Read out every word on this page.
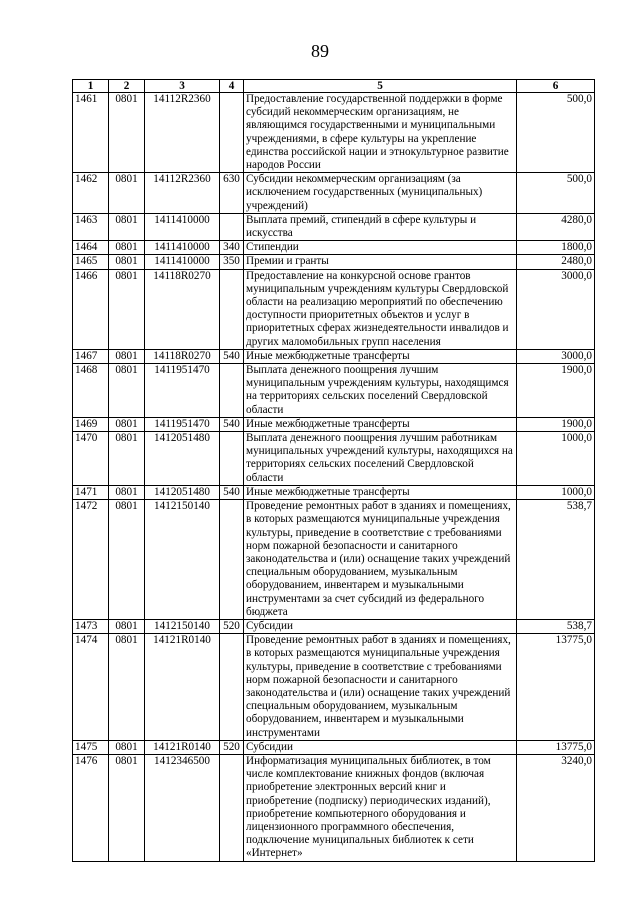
89
1	2	3	4	5	6
1461	0801	14112R2360		Предоставление государственной поддержки в форме субсидий некоммерческим организациям, не являющимся государственными и муниципальными учреждениями, в сфере культуры на укрепление единства российской нации и этнокультурное развитие народов России	500,0
1462	0801	14112R2360	630	Субсидии некоммерческим организациям (за исключением государственных (муниципальных) учреждений)	500,0
1463	0801	1411410000		Выплата премий, стипендий в сфере культуры и искусства	4280,0
1464	0801	1411410000	340	Стипендии	1800,0
1465	0801	1411410000	350	Премии и гранты	2480,0
1466	0801	14118R0270		Предоставление на конкурсной основе грантов муниципальным учреждениям культуры Свердловской области на реализацию мероприятий по обеспечению доступности приоритетных объектов и услуг в приоритетных сферах жизнедеятельности инвалидов и других маломобильных групп населения	3000,0
1467	0801	14118R0270	540	Иные межбюджетные трансферты	3000,0
1468	0801	1411951470		Выплата денежного поощрения лучшим муниципальным учреждениям культуры, находящимся на территориях сельских поселений Свердловской области	1900,0
1469	0801	1411951470	540	Иные межбюджетные трансферты	1900,0
1470	0801	1412051480		Выплата денежного поощрения лучшим работникам муниципальных учреждений культуры, находящихся на территориях сельских поселений Свердловской области	1000,0
1471	0801	1412051480	540	Иные межбюджетные трансферты	1000,0
1472	0801	1412150140		Проведение ремонтных работ в зданиях и помещениях, в которых размещаются муниципальные учреждения культуры, приведение в соответствие с требованиями норм пожарной безопасности и санитарного законодательства и (или) оснащение таких учреждений специальным оборудованием, музыкальным оборудованием, инвентарем и музыкальными инструментами за счет субсидий из федерального бюджета	538,7
1473	0801	1412150140	520	Субсидии	538,7
1474	0801	14121R0140		Проведение ремонтных работ в зданиях и помещениях, в которых размещаются муниципальные учреждения культуры, приведение в соответствие с требованиями норм пожарной безопасности и санитарного законодательства и (или) оснащение таких учреждений специальным оборудованием, музыкальным оборудованием, инвентарем и музыкальными инструментами	13775,0
1475	0801	14121R0140	520	Субсидии	13775,0
1476	0801	1412346500		Информатизация муниципальных библиотек, в том числе комплектование книжных фондов (включая приобретение электронных версий книг и приобретение (подписку) периодических изданий), приобретение компьютерного оборудования и лицензионного программного обеспечения, подключение муниципальных библиотек к сети «Интернет»	3240,0
